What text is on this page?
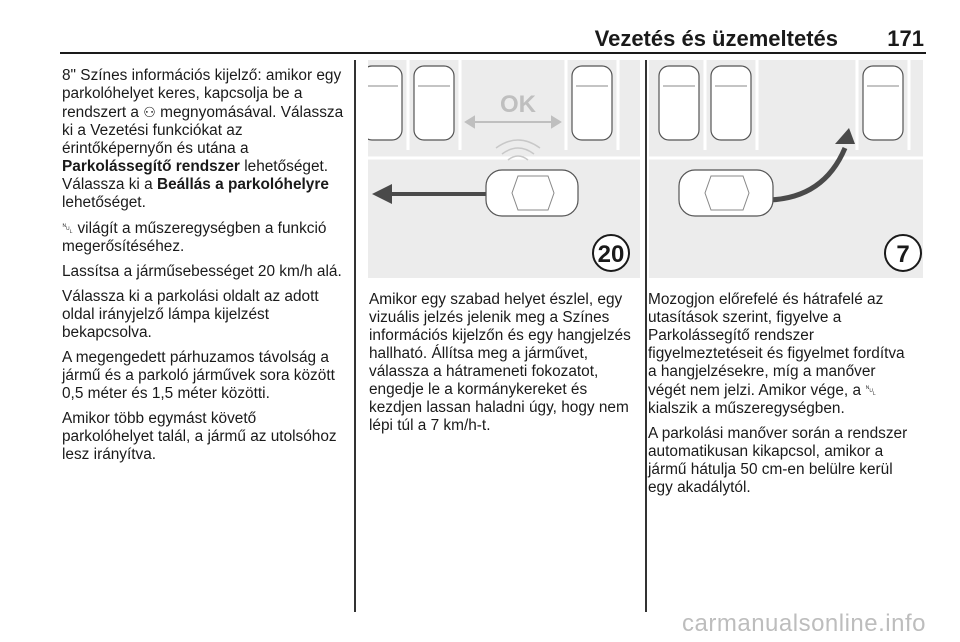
Vezetés és üzemeltetés 171

8" Színes információs kijelző: amikor egy parkolóhelyet keres, kapcsolja be a rendszert a ⚇ megnyomásával. Válassza ki a Vezetési funkciókat az érintőképernyőn és utána a Parkolássegítő rendszer lehetőséget. Válassza ki a Beállás a parkolóhelyre lehetőséget.

␀ világít a műszeregységben a funkció megerősítéséhez.

Lassítsa a járműsebességet 20 km/h alá.

Válassza ki a parkolási oldalt az adott oldal irányjelző lámpa kijelzést bekapcsolva.

A megengedett párhuzamos távolság a jármű és a parkoló járművek sora között 0,5 méter és 1,5 méter közötti.

Amikor több egymást követő parkolóhelyet talál, a jármű az utolsóhoz lesz irányítva.

OK
20	7

Amikor egy szabad helyet észlel, egy vizuális jelzés jelenik meg a Színes információs kijelzőn és egy hangjelzés hallható. Állítsa meg a járművet, válassza a hátrameneti fokozatot, engedje le a kormánykereket és kezdjen lassan haladni úgy, hogy nem lépi túl a 7 km/h-t.

Mozogjon előrefelé és hátrafelé az utasítások szerint, figyelve a Parkolássegítő rendszer figyelmeztetéseit és figyelmet fordítva a hangjelzésekre, míg a manőver végét nem jelzi. Amikor vége, a ␀ kialszik a műszeregységben.

A parkolási manőver során a rendszer automatikusan kikapcsol, amikor a jármű hátulja 50 cm-en belülre kerül egy akadálytól.

carmanualsonline.info
